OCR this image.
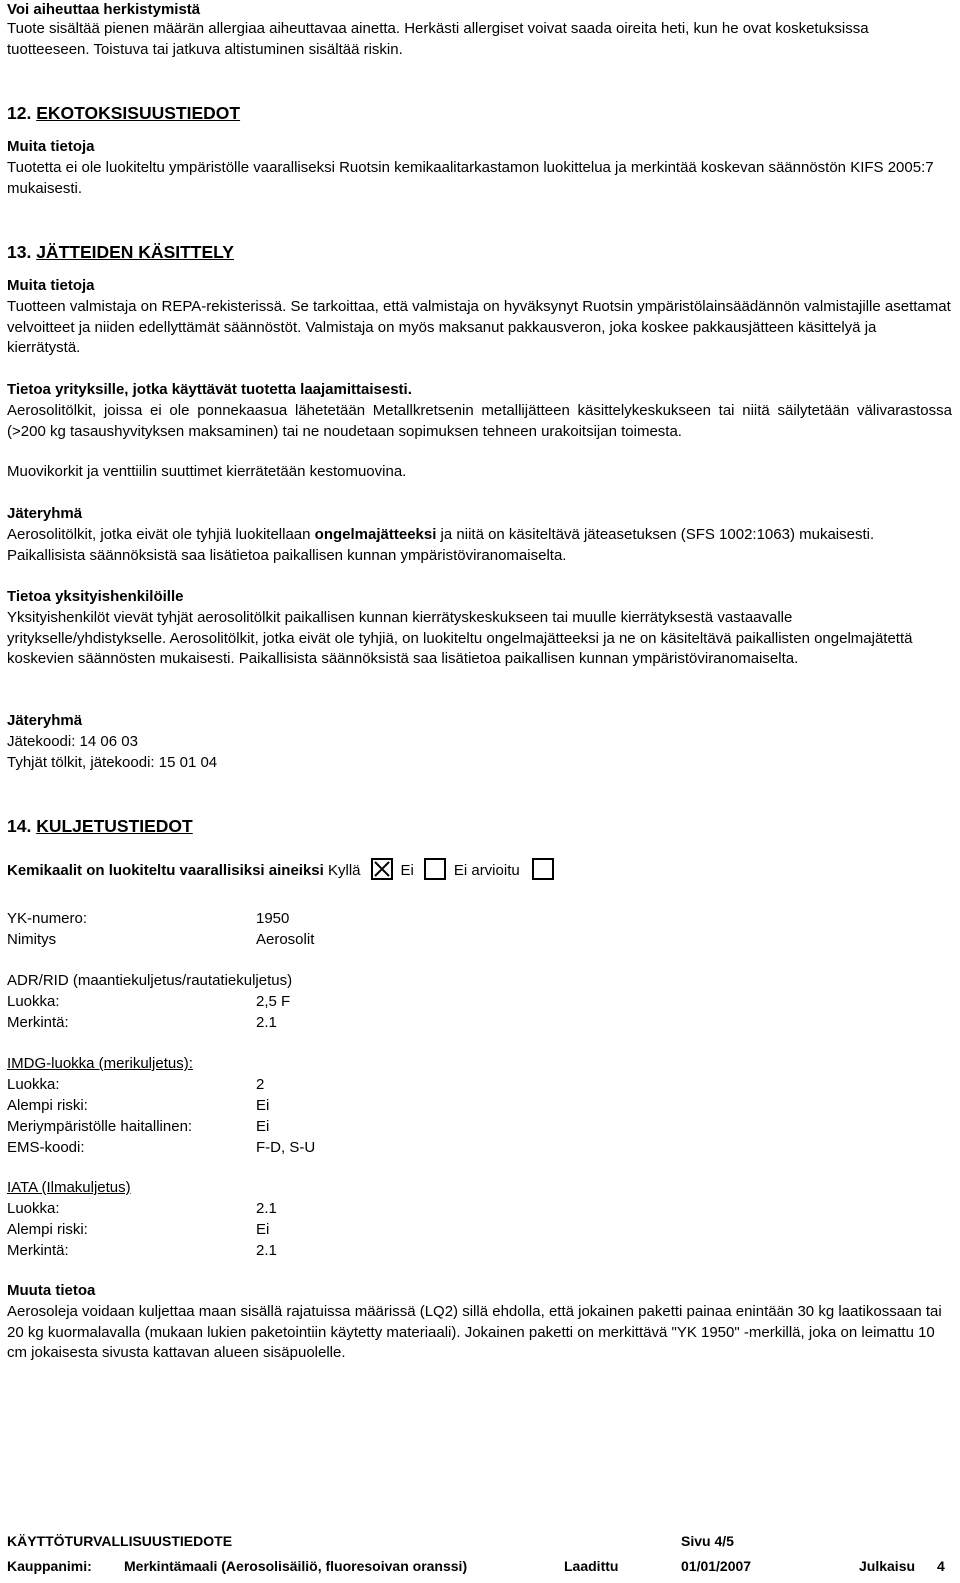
Voi aiheuttaa herkistymistä
Tuote sisältää pienen määrän allergiaa aiheuttavaa ainetta. Herkästi allergiset voivat saada oireita heti, kun he ovat kosketuksissa tuotteeseen. Toistuva tai jatkuva altistuminen sisältää riskin.
12. EKOTOKSISUUSTIEDOT
Muita tietoja
Tuotetta ei ole luokiteltu ympäristölle vaaralliseksi Ruotsin kemikaalitarkastamon luokittelua ja merkintää koskevan säännöstön KIFS 2005:7 mukaisesti.
13. JÄTTEIDEN KÄSITTELY
Muita tietoja
Tuotteen valmistaja on REPA-rekisterissä. Se tarkoittaa, että valmistaja on hyväksynyt Ruotsin ympäristölainsäädännön valmistajille asettamat velvoitteet ja niiden edellyttämät säännöstöt. Valmistaja on myös maksanut pakkausveron, joka koskee pakkausjätteen käsittelyä ja kierrätystä.
Tietoa yrityksille, jotka käyttävät tuotetta laajamittaisesti.
Aerosolitölkit, joissa ei ole ponnekaasua lähetetään Metallkretsenin metallijätteen käsittelykeskukseen tai niitä säilytetään välivarastossa (>200 kg tasaushyvityksen maksaminen) tai ne noudetaan sopimuksen tehneen urakoitsijan toimesta.
Muovikorkit ja venttiilin suuttimet kierrätetään kestomuovina.
Jäteryhmä
Aerosolitölkit, jotka eivät ole tyhjiä luokitellaan ongelmajätteeksi ja niitä on käsiteltävä jäteasetuksen (SFS 1002:1063) mukaisesti. Paikallisista säännöksistä saa lisätietoa paikallisen kunnan ympäristöviranomaiselta.
Tietoa yksityishenkilöille
Yksityishenkilöt vievät tyhjät aerosolitölkit paikallisen kunnan kierrätyskeskukseen tai muulle kierrätyksestä vastaavalle yritykselle/yhdistykselle. Aerosolitölkit, jotka eivät ole tyhjiä, on luokiteltu ongelmajätteeksi ja ne on käsiteltävä paikallisten ongelmajätettä koskevien säännösten mukaisesti. Paikallisista säännöksistä saa lisätietoa paikallisen kunnan ympäristöviranomaiselta.
Jäteryhmä
Jätekoodi: 14 06 03
Tyhjät tölkit, jätekoodi: 15 01 04
14. KULJETUSTIEDOT
Kemikaalit on luokiteltu vaarallisiksi aineiksi Kyllä	Ei	Ei arvioitu
YK-numero:	1950
Nimitys	Aerosolit
ADR/RID (maantiekuljetus/rautatiekuljetus)
Luokka:	2,5 F
Merkintä:	2.1
IMDG-luokka (merikuljetus):
Luokka:	2
Alempi riski:	Ei
Meriympäristölle haitallinen:	Ei
EMS-koodi:	F-D, S-U
IATA (Ilmakuljetus)
Luokka:	2.1
Alempi riski:	Ei
Merkintä:	2.1
Muuta tietoa
Aerosoleja voidaan kuljettaa maan sisällä rajatuissa määrissä (LQ2) sillä ehdolla, että jokainen paketti painaa enintään 30 kg laatikossaan tai 20 kg kuormalavalla (mukaan lukien paketointiin käytetty materiaali). Jokainen paketti on merkittävä "YK 1950" -merkillä, joka on leimattu 10 cm jokaisesta sivusta kattavan alueen sisäpuolelle.
KÄYTTÖTURVALLISUUSTIEDOTE	Sivu 4/5
Kauppanimi: Merkintämaali (Aerosolisäiliö, fluoresoivan oranssi)	Laadittu	01/01/2007	Julkaisu 4
